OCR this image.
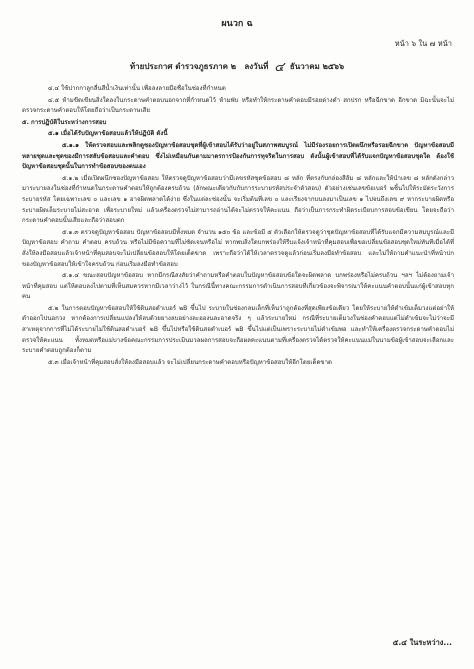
ผนวก ฉ
หน้า ๖ ใน ๗ หน้า
ท้ายประกาศ ตำรวจภูธรภาค ๒ ลงวันที่ ๔ ธันวาคม ๒๕๖๖

๔.๔ ใช้ปากกาลูกลื่นสีน้ำเงินเท่านั้น เพื่อลงลายมือชื่อในช่องที่กำหนด

๔.๕ ห้ามขีดเขียนสิ่งใดลงในกระดาษคำตอบนอกจากที่กำหนดไว้ ห้ามพับ หรือทำให้กระดาษคำตอบมีรอยด่างดำ สกปรก หรือฉีกขาด อีกขาด มิฉะนั้นจะไม่ตรวจกระดาษคำตอบให้โดยถือว่าเป็นกระดาษเสีย

๕. การปฏิบัติในระหว่างการสอบ

๕.๑ เมื่อได้รับปัญหาข้อสอบแล้วให้ปฏิบัติ ดังนี้

๕.๑.๑ ให้ตรวจสอบและพลิกดูซองปัญหาข้อสอบชุดที่ผู้เข้าสอบได้รับว่าอยู่ในสภาพสมบูรณ์ ไม่มีร่องรอยการเปิดผนึกหรือรอยฉีกขาด ปัญหาข้อสอบมีหลายชุดและชุดของมีการสลับข้อสอบและคำตอบ ซึ่งไม่เหมือนกันตามมาตรการป้องกันการทุจริตในการสอบ ดังนั้นผู้เข้าสอบที่ได้รับแจกปัญหาข้อสอบชุดใด ต้องใช้ปัญหาข้อสอบชุดนั้นในการทำข้อสอบของตนเอง

๕.๑.๒ เมื่อเปิดผนึกซองปัญหาข้อสอบ ให้ตรวจดูปัญหาข้อสอบว่ามีเลขรหัสชุดข้อสอบ ๘ หลัก ที่ตรงกับกล่องสีส้ม ๘ หลักและให้นำเลข ๘ หลักดังกล่าว มาระบายลงในช่องที่กำหนดในกระดาษคำตอบให้ถูกต้องครบถ้วน (ลักษณะเดียวกับกับการระบายรหัสประจำตัวสอบ) ตัวอย่างเช่นเลขข้อเบอร์ ๒ชิ้นไปให้ระมัดระวังการระบายรหัส โดยเฉพาะเลข ๐ และเลข ๑ อาจผิดพลาดได้ง่าย ซึ่งในแต่ละช่องนั้น จะเริ่มต้นที่เลข ๐ และเรียงจากบนลงมาเป็นเลข ๑ ไปจนถึงเลข ๙ หากระบายผิดหรือระบายผิดเล็มระบายไม่สะอาด เพื่อระบายใหม่ แล้วเครื่องตรวจไม่สามารถอ่านได้จะไม่ตรวจให้คะแนน ถือว่าเป็นการกระทำผิดระเบียบการสอบข้อเขียน โดยจะถือว่ากระดาษคำตอบนั้นเสียและถือว่าสอบตก

๕.๑.๓ ตรวจดูปัญหาข้อสอบ ปัญหาข้อสอบมีทั้งหมด จำนวน ๑๕๐ ข้อ และข้อมี ๕ ตัวเลือกให้ตรวจดูว่าชุดปัญหาข้อสอบที่ได้รับแจกมีความสมบูรณ์และมีปัญหาข้อสอบ คำถาม คำตอบ ครบถ้วน หรือไม่มีข้อความที่ไม่ชัดเจนหรือไม่ หากพบสิ่งใดบกพร่องให้รีบแจ้งเจ้าหน้าที่คุมสอบเพื่อขอเปลี่ยนข้อสอบชุดใหม่ทันทีเมื่อได้ที่สั่งให้ลงมือสอบแล้วเจ้าหน้าที่คุมสอบจะไม่เปลี่ยนข้อสอบให้โดยเด็ดขาด เพราะถือว่าได้ให้เวลาตรวจดูแล้วก่อนเริ่มลงมือทำข้อสอบ และไม่ให้ถามคำแนะนำที่หน้าปกของปัญหาข้อสอบให้เข้าใจครบถ้วน ก่อนเริ่มลงมือทำข้อสอบ

๕.๑.๔ ขณะสอบปัญหาข้อสอบ หากมีกรณีสงสัยว่าคำถามหรือคำตอบในปัญหาข้อสอบข้อใดจะผิดพลาด บกพร่องหรือไม่ครบถ้วน ฯลฯ ไม่ต้องถามเจ้าหน้าที่คุมสอบ แต่ให้ตอบลงไปตามที่เห็นสมควรหากมีเวลาว่างไว้ ในกรณีนี้ทางคณะกรรมการดำเนินการสอบที่เกี่ยวข้องจะพิจารณาให้คะแนนคำตอบนั้นแก่ผู้เข้าสอบทุกคน

๕.๒ ในการตอบปัญหาข้อสอบให้ใช้ดินสอดำเบอร์ ๒B ขึ้นไป ระบายในช่องกลมเล็กที่เห็นว่าถูกต้องที่สุดเพียงข้อเดียว โดยให้ระบายให้ดำเข้มเต็มวงแต่อย่าให้ดำออกไปนอกวง หากต้องการเปลี่ยนแปลงให้ลบด้วยยางลบอย่างละอองนละอาดจริง ๆ แล้วระบายใหม่ กรณีที่ระบายเต็มวงในช่องคำตอบแต่ไม่ดำเข้มจะไม่ว่าจะมีสาเหตุจากการที่ไม่ได้ระบายไม่ใช้ดินสอดำเบอร์ ๒B ขึ้นไปหรือใช้ดินสอดำเบอร์ ๒B ขึ้นไปแต่เป็นเพราะระบายไม่ดำเข้มพอ และทำให้เครื่องตรวจกระดาษคำตอบไม่ตรวจให้คะแนน ทั้งหมดหรือแม่บางข้อคณะกรรมการประเมินมวลผลการสอบจะถือผลคะแนนตามที่เครื่องตรวจได้ตรวจให้คะแนนแม่ในนามข้อผู้เข้าสอบจะเลือกและระบายคำตอบถูกต้องก็ตาม

๕.๓ เมื่อเจ้าหน้าที่คุมสอบสั่งให้ลงมือสอบแล้ว จะไม่เปลี่ยนกระดาษคำตอบหรือปัญหาข้อสอบให้อีกโดยเด็ดขาด

๕.๔ ในระหว่าง...
